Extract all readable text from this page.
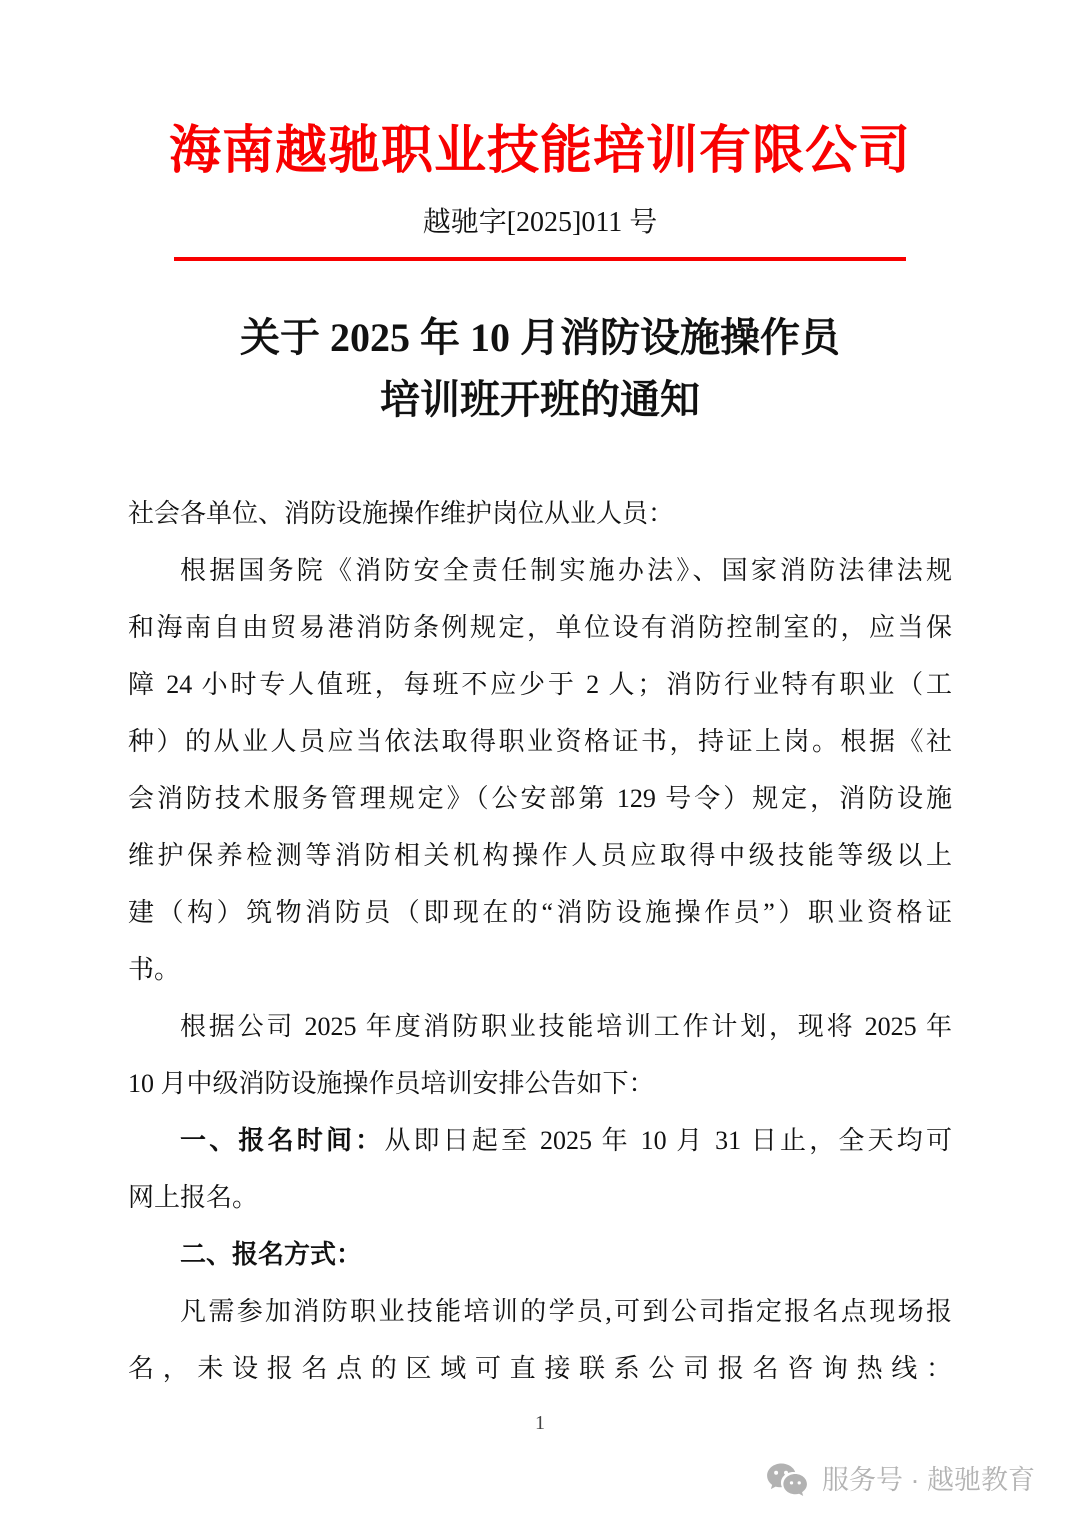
海南越驰职业技能培训有限公司
越驰字[2025]011 号
关于 2025 年 10 月消防设施操作员
培训班开班的通知
社会各单位、消防设施操作维护岗位从业人员：
根据国务院《消防安全责任制实施办法》、国家消防法律法规
和海南自由贸易港消防条例规定，单位设有消防控制室的，应当保
障 24 小时专人值班，每班不应少于 2 人；消防行业特有职业（工
种）的从业人员应当依法取得职业资格证书，持证上岗。根据《社
会消防技术服务管理规定》（公安部第 129 号令）规定，消防设施
维护保养检测等消防相关机构操作人员应取得中级技能等级以上
建（构）筑物消防员（即现在的“消防设施操作员”）职业资格证
书。
根据公司 2025 年度消防职业技能培训工作计划，现将 2025 年
10 月中级消防设施操作员培训安排公告如下：
一、报名时间：从即日起至 2025 年 10 月 31 日止，全天均可
网上报名。
二、报名方式：
凡需参加消防职业技能培训的学员,可到公司指定报名点现场报
名，未设报名点的区域可直接联系公司报名咨询热线：
1
服务号 · 越驰教育
